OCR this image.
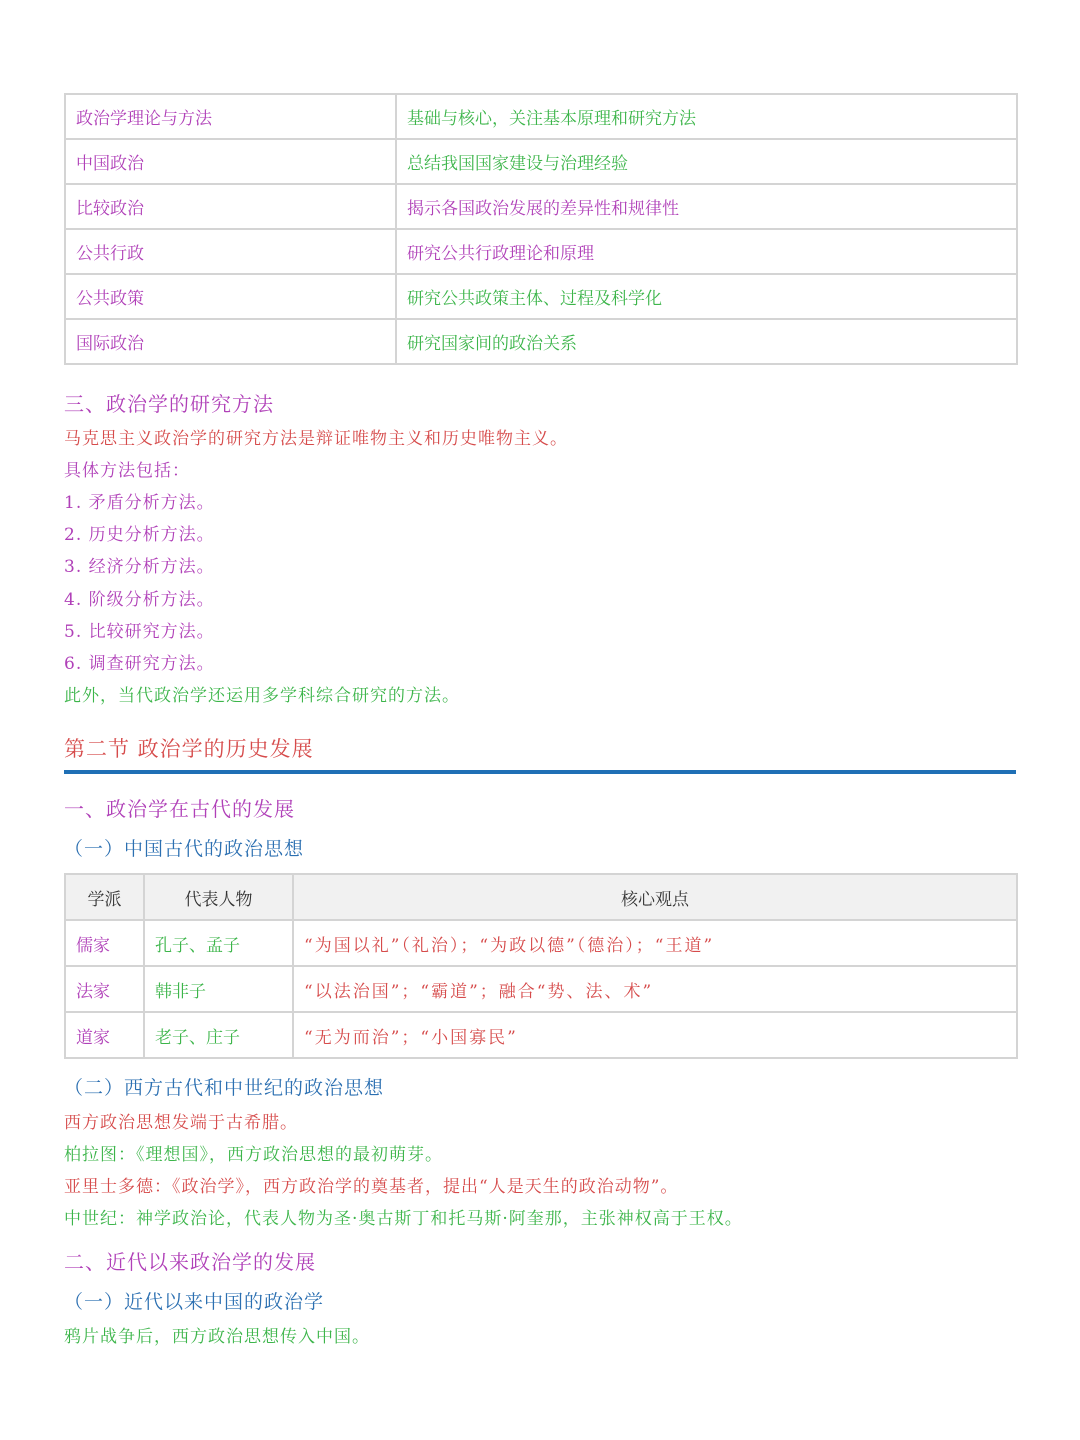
政治学理论与方法	基础与核心，关注基本原理和研究方法
中国政治	总结我国国家建设与治理经验
比较政治	揭示各国政治发展的差异性和规律性
公共行政	研究公共行政理论和原理
公共政策	研究公共政策主体、过程及科学化
国际政治	研究国家间的政治关系
三、政治学的研究方法
马克思主义政治学的研究方法是辩证唯物主义和历史唯物主义。
具体方法包括：
1. 矛盾分析方法。
2. 历史分析方法。
3. 经济分析方法。
4. 阶级分析方法。
5. 比较研究方法。
6. 调查研究方法。
此外，当代政治学还运用多学科综合研究的方法。
第二节 政治学的历史发展
一、政治学在古代的发展
（一）中国古代的政治思想
学派	代表人物	核心观点
儒家	孔子、孟子	“为国以礼”（礼治）；“为政以德”（德治）；“王道”
法家	韩非子	“以法治国”；“霸道”；融合“势、法、术”
道家	老子、庄子	“无为而治”；“小国寡民”
（二）西方古代和中世纪的政治思想
西方政治思想发端于古希腊。
柏拉图：《理想国》，西方政治思想的最初萌芽。
亚里士多德：《政治学》，西方政治学的奠基者，提出“人是天生的政治动物”。
中世纪：神学政治论，代表人物为圣·奥古斯丁和托马斯·阿奎那，主张神权高于王权。
二、近代以来政治学的发展
（一）近代以来中国的政治学
鸦片战争后，西方政治思想传入中国。
